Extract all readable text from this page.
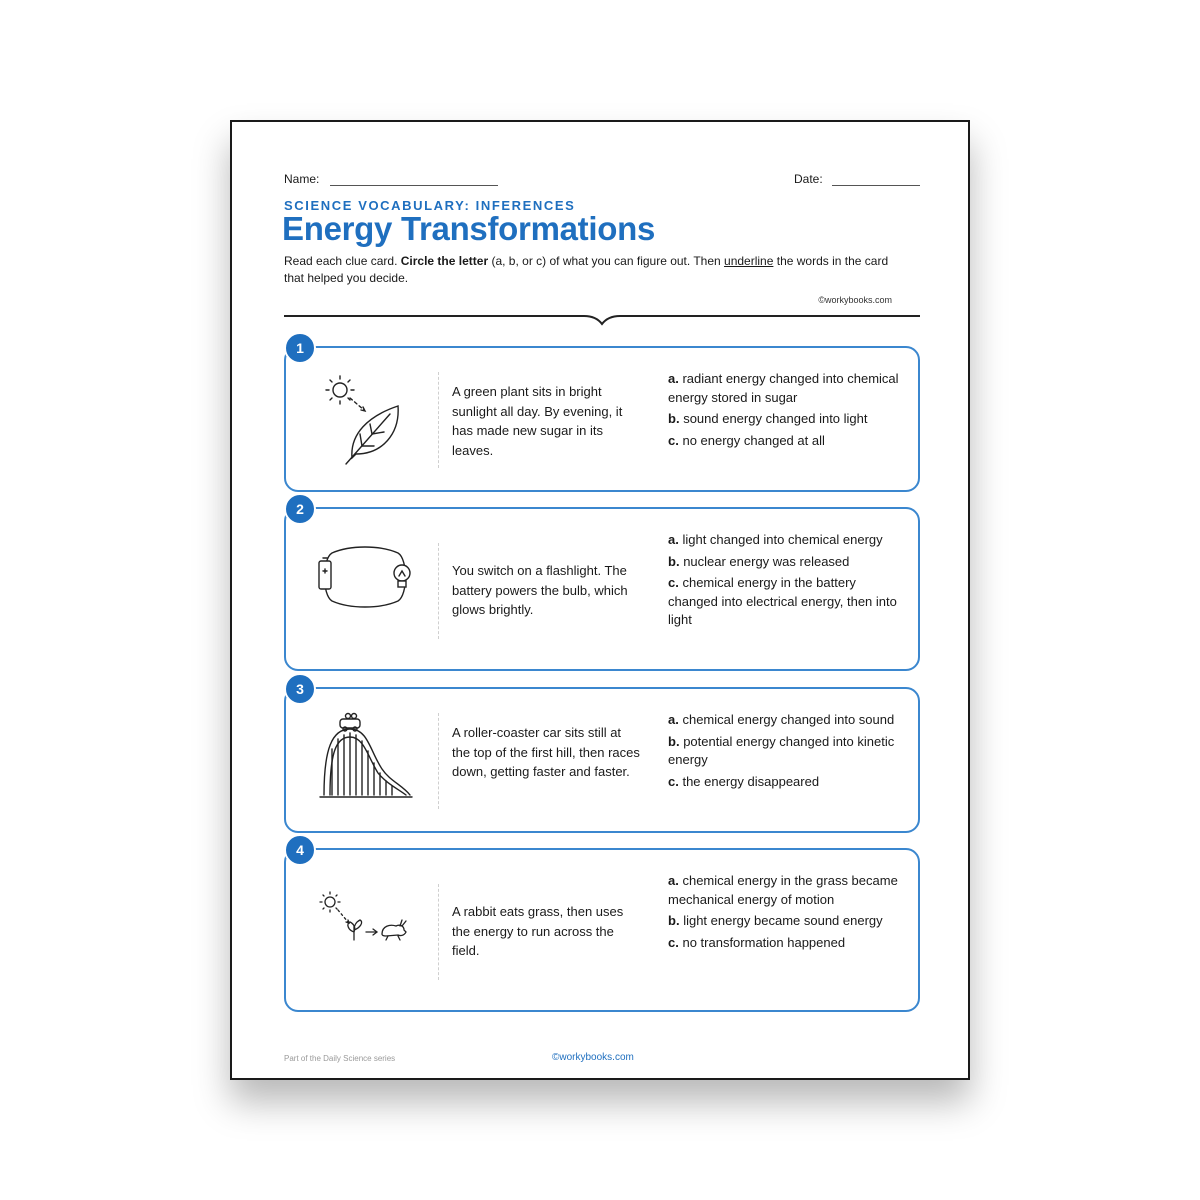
Name:	Date:
SCIENCE VOCABULARY: INFERENCES
Energy Transformations
Read each clue card. Circle the letter (a, b, or c) of what you can figure out. Then underline the words in the card that helped you decide.
©workybooks.com
1
A green plant sits in bright sunlight all day. By evening, it has made new sugar in its leaves.
a. radiant energy changed into chemical energy stored in sugar
b. sound energy changed into light
c. no energy changed at all
2
You switch on a flashlight. The battery powers the bulb, which glows brightly.
a. light changed into chemical energy
b. nuclear energy was released
c. chemical energy in the battery changed into electrical energy, then into light
3
A roller-coaster car sits still at the top of the first hill, then races down, getting faster and faster.
a. chemical energy changed into sound
b. potential energy changed into kinetic energy
c. the energy disappeared
4
A rabbit eats grass, then uses the energy to run across the field.
a. chemical energy in the grass became mechanical energy of motion
b. light energy became sound energy
c. no transformation happened
Part of the Daily Science series	©workybooks.com
